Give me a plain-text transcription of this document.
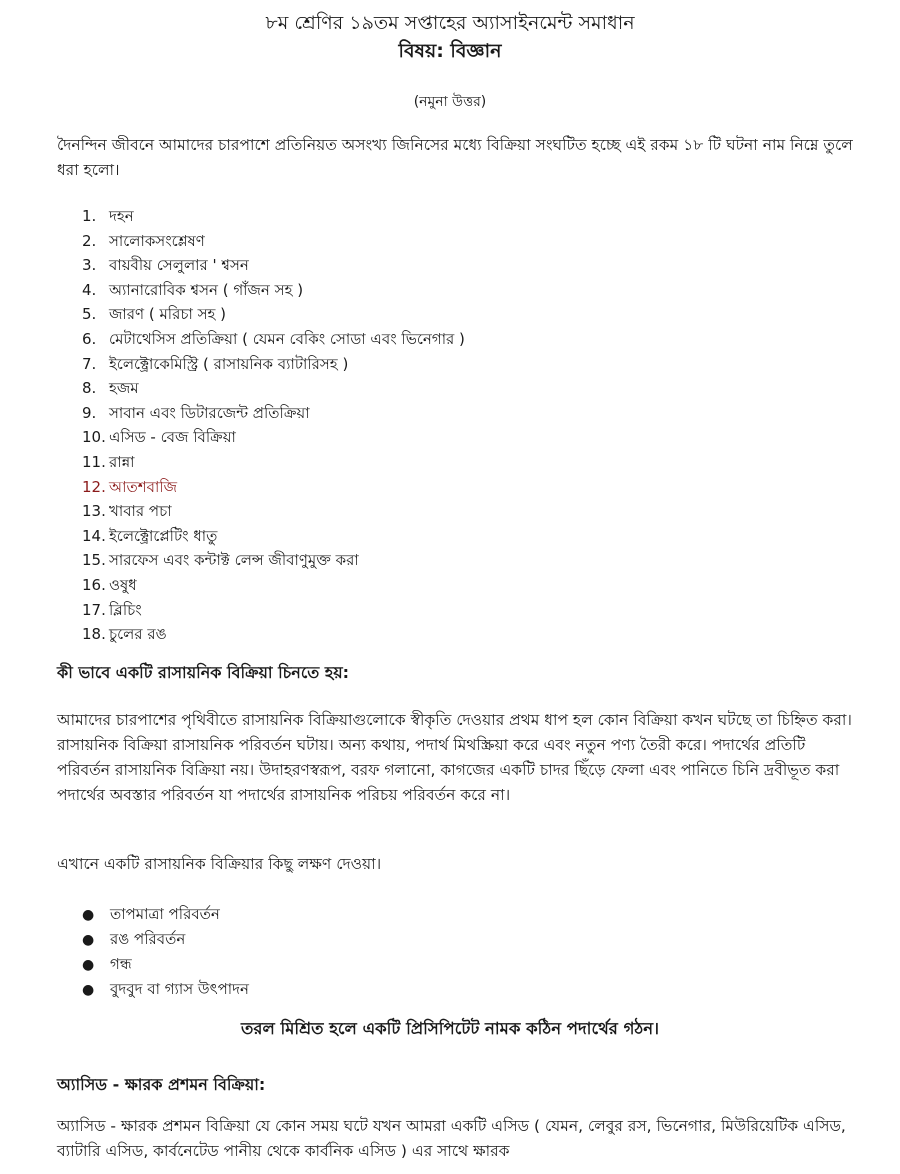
৮ম শ্রেণির ১৯তম সপ্তাহের অ্যাসাইনমেন্ট সমাধান
বিষয়: বিজ্ঞান
(নমুনা উত্তর)

দৈনন্দিন জীবনে আমাদের চারপাশে প্রতিনিয়ত অসংখ্য জিনিসের মধ্যে বিক্রিয়া সংঘটিত হচ্ছে এই রকম ১৮ টি ঘটনা নাম নিম্নে তুলে ধরা হলো।

1. দহন
2. সালোকসংশ্লেষণ
3. বায়বীয় সেলুলার ' শ্বসন
4. অ্যানারোবিক শ্বসন ( গাঁজন সহ )
5. জারণ ( মরিচা সহ )
6. মেটাথেসিস প্রতিক্রিয়া ( যেমন বেকিং সোডা এবং ভিনেগার )
7. ইলেক্ট্রোকেমিস্ট্রি ( রাসায়নিক ব্যাটারিসহ )
8. হজম
9. সাবান এবং ডিটারজেন্ট প্রতিক্রিয়া
10. এসিড - বেজ বিক্রিয়া
11. রান্না
12. আতশবাজি
13. খাবার পচা
14. ইলেক্ট্রোপ্লেটিং ধাতু
15. সারফেস এবং কন্টাক্ট লেন্স জীবাণুমুক্ত করা
16. ওষুধ
17. ব্লিচিং
18. চুলের রঙ
কী ভাবে একটি রাসায়নিক বিক্রিয়া চিনতে হয়:

আমাদের চারপাশের পৃথিবীতে রাসায়নিক বিক্রিয়াগুলোকে স্বীকৃতি দেওয়ার প্রথম ধাপ হল কোন বিক্রিয়া কখন ঘটছে তা চিহ্নিত করা। রাসায়নিক বিক্রিয়া রাসায়নিক পরিবর্তন ঘটায়। অন্য কথায়, পদার্থ মিথস্ক্রিয়া করে এবং নতুন পণ্য তৈরী করে। পদার্থের প্রতিটি পরিবর্তন রাসায়নিক বিক্রিয়া নয়। উদাহরণস্বরূপ, বরফ গলানো, কাগজের একটি চাদর ছিঁড়ে ফেলা এবং পানিতে চিনি দ্রবীভূত করা পদার্থের অবস্তার পরিবর্তন যা পদার্থের রাসায়নিক পরিচয় পরিবর্তন করে না।

এখানে একটি রাসায়নিক বিক্রিয়ার কিছু লক্ষণ দেওয়া।

● তাপমাত্রা পরিবর্তন
● রঙ পরিবর্তন
● গন্ধ
● বুদবুদ বা গ্যাস উৎপাদন
তরল মিশ্রিত হলে একটি প্রিসিপিটেট নামক কঠিন পদার্থের গঠন।
অ্যাসিড - ক্ষারক প্রশমন বিক্রিয়া:

অ্যাসিড - ক্ষারক প্রশমন বিক্রিয়া যে কোন সময় ঘটে যখন আমরা একটি এসিড ( যেমন, লেবুর রস, ভিনেগার, মিউরিয়েটিক এসিড, ব্যাটারি এসিড, কার্বনেটেড পানীয় থেকে কার্বনিক এসিড ) এর সাথে ক্ষারক
